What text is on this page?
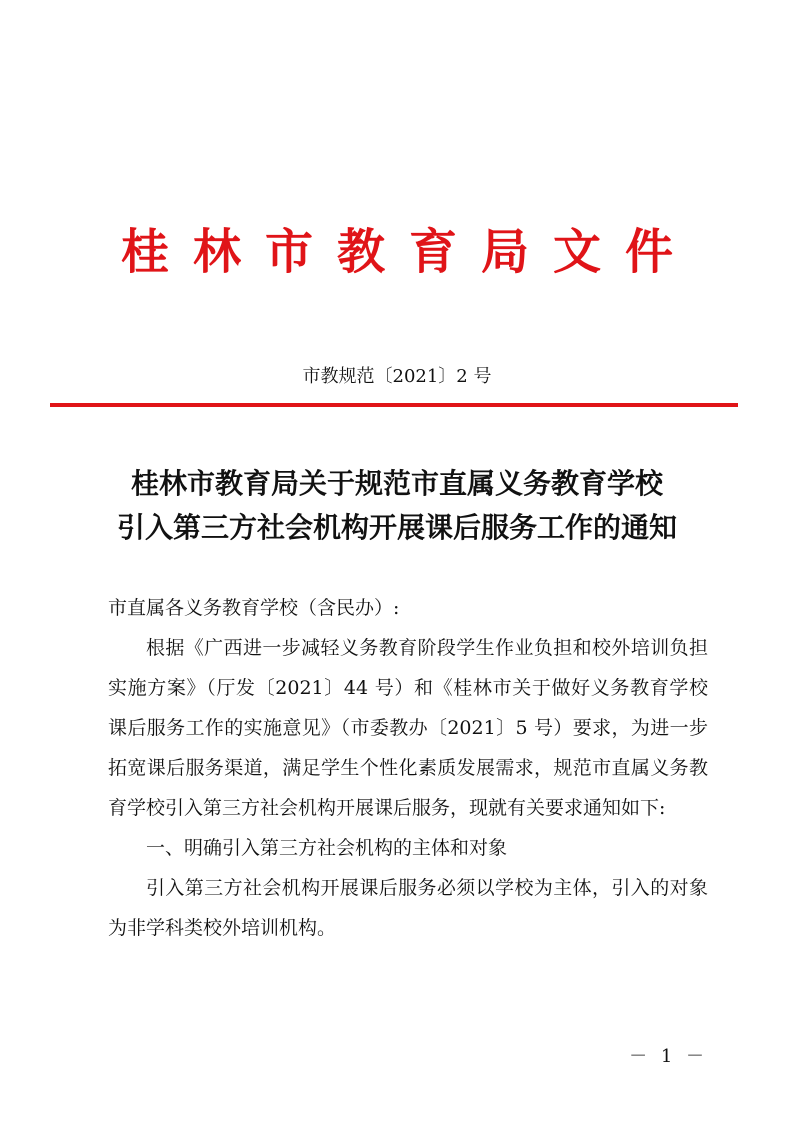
桂林市教育局文件
市教规范〔2021〕2 号
桂林市教育局关于规范市直属义务教育学校
引入第三方社会机构开展课后服务工作的通知

市直属各义务教育学校（含民办）:

根据《广西进一步减轻义务教育阶段学生作业负担和校外培训负担实施方案》（厅发〔2021〕44 号）和《桂林市关于做好义务教育学校课后服务工作的实施意见》（市委教办〔2021〕5 号）要求，为进一步拓宽课后服务渠道，满足学生个性化素质发展需求，规范市直属义务教育学校引入第三方社会机构开展课后服务，现就有关要求通知如下:

一、明确引入第三方社会机构的主体和对象

引入第三方社会机构开展课后服务必须以学校为主体，引入的对象为非学科类校外培训机构。

－ 1 －
